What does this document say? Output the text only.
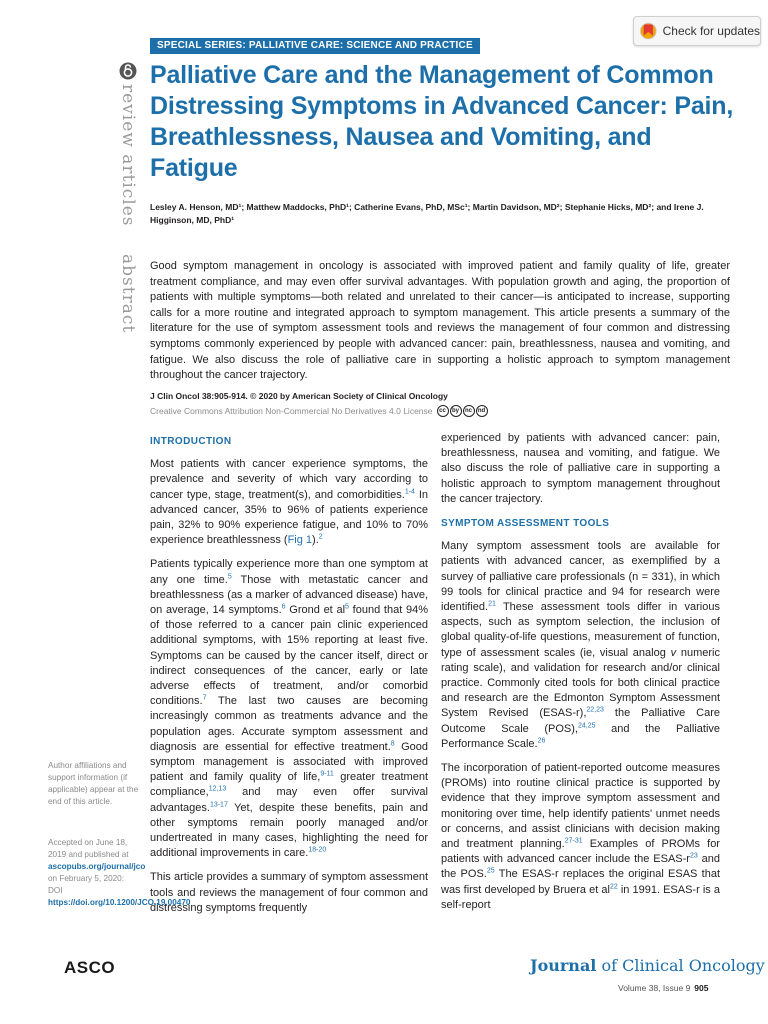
SPECIAL SERIES: PALLIATIVE CARE: SCIENCE AND PRACTICE
Check for updates
review articles
abstract
Palliative Care and the Management of Common Distressing Symptoms in Advanced Cancer: Pain, Breathlessness, Nausea and Vomiting, and Fatigue
Lesley A. Henson, MD¹; Matthew Maddocks, PhD¹; Catherine Evans, PhD, MSc¹; Martin Davidson, MD²; Stephanie Hicks, MD²; and Irene J. Higginson, MD, PhD¹
Good symptom management in oncology is associated with improved patient and family quality of life, greater treatment compliance, and may even offer survival advantages. With population growth and aging, the proportion of patients with multiple symptoms—both related and unrelated to their cancer—is anticipated to increase, supporting calls for a more routine and integrated approach to symptom management. This article presents a summary of the literature for the use of symptom assessment tools and reviews the management of four common and distressing symptoms commonly experienced by people with advanced cancer: pain, breathlessness, nausea and vomiting, and fatigue. We also discuss the role of palliative care in supporting a holistic approach to symptom management throughout the cancer trajectory.
J Clin Oncol 38:905-914. © 2020 by American Society of Clinical Oncology
Creative Commons Attribution Non-Commercial No Derivatives 4.0 License	cc	by nc nd
INTRODUCTION

Most patients with cancer experience symptoms, the prevalence and severity of which vary according to cancer type, stage, treatment(s), and comorbidities.$^{1-4}$ In advanced cancer, 35% to 96% of patients experience pain, 32% to 90% experience fatigue, and 10% to 70% experience breathlessness (Fig 1).$^2$

Patients typically experience more than one symptom at any one time.$^5$ Those with metastatic cancer and breathlessness (as a marker of advanced disease) have, on average, 14 symptoms.$^6$ Grond et $al^5$ found that 94% of those referred to a cancer pain clinic experienced additional symptoms, with 15% reporting at least five. Symptoms can be caused by the cancer itself, direct or indirect consequences of the cancer, early or late adverse effects of treatment, and/or comorbid conditions.$^7$ The last two causes are becoming increasingly common as treatments advance and the population ages. Accurate symptom assessment and diagnosis are essential for effective treatment.$^8$ Good symptom management is associated with improved patient and family quality of life,$^{9-11}$ greater treatment compliance,$^{12,13}$ and may even offer survival advantages.$^{13-17}$ Yet, despite these benefits, pain and other symptoms remain poorly managed and/or undertreated in many cases, highlighting the need for additional improvements in care.$^{18-20}$

This article provides a summary of symptom assessment tools and reviews the management of four common and distressing symptoms frequently

experienced by patients with advanced cancer: pain, breathlessness, nausea and vomiting, and fatigue. We also discuss the role of palliative care in supporting a holistic approach to symptom management throughout the cancer trajectory.

SYMPTOM ASSESSMENT TOOLS

Many symptom assessment tools are available for patients with advanced cancer, as exemplified by a survey of palliative care professionals (n = 331), in which 99 tools for clinical practice and 94 for research were identified.$^{21}$ These assessment tools differ in various aspects, such as symptom selection, the inclusion of global quality-of-life questions, measurement of function, type of assessment scales (ie, visual analog v numeric rating scale), and validation for research and/or clinical practice. Commonly cited tools for both clinical practice and research are the Edmonton Symptom Assessment System Revised (ESAS-r),$^{22,23}$ the Palliative Care Outcome Scale (POS),$^{24,25}$ and the Palliative Performance Scale.$^{26}$

The incorporation of patient-reported outcome measures (PROMs) into routine clinical practice is supported by evidence that they improve symptom assessment and monitoring over time, help identify patients' unmet needs or concerns, and assist clinicians with decision making and treatment planning.$^{27-31}$ Examples of PROMs for patients with advanced cancer include the ESAS-$r^{23}$ and the POS.$^{25}$ The ESAS-r replaces the original ESAS that was first developed by Bruera et $al^{22}$ in 1991. ESAS-r is a self-report

Author affiliations and support information (if applicable) appear at the end of this article.
Accepted on June 18, 2019 and published at ascopubs.org/journal/jco on February 5, 2020: DOI https://doi.org/10.1200/JCO.19.00470
ASCO	Journal of Clinical Oncology
Volume 38, Issue 9 905
